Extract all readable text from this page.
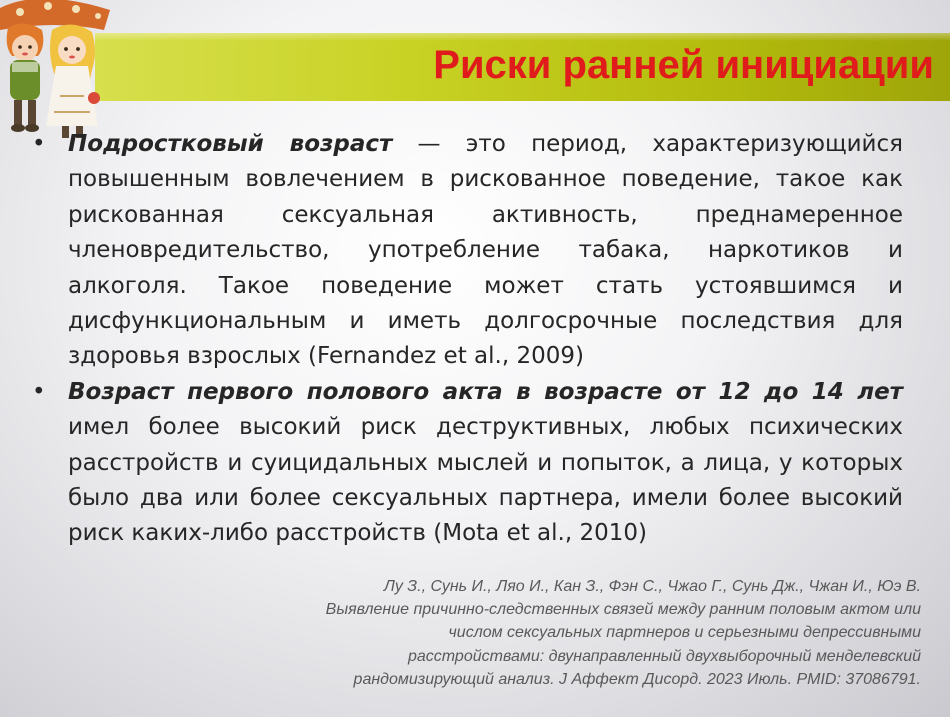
Риски ранней инициации
• Подростковый возраст — это период, характеризующийся повышенным вовлечением в рискованное поведение, такое как рискованная сексуальная активность, преднамеренное членовредительство, употребление табака, наркотиков и алкоголя. Такое поведение может стать устоявшимся и дисфункциональным и иметь долгосрочные последствия для здоровья взрослых (Fernandez et al., 2009)
• Возраст первого полового акта в возрасте от 12 до 14 лет имел более высокий риск деструктивных, любых психических расстройств и суицидальных мыслей и попыток, а лица, у которых было два или более сексуальных партнера, имели более высокий риск каких-либо расстройств (Mota et al., 2010)
Лу З., Сунь И., Ляо И., Кан З., Фэн С., Чжао Г., Сунь Дж., Чжан И., Юэ В.
Выявление причинно-следственных связей между ранним половым актом или
числом сексуальных партнеров и серьезными депрессивными
расстройствами: двунаправленный двухвыборочный менделевский
рандомизирующий анализ. J Аффект Дисорд. 2023 Июль. PMID: 37086791.
